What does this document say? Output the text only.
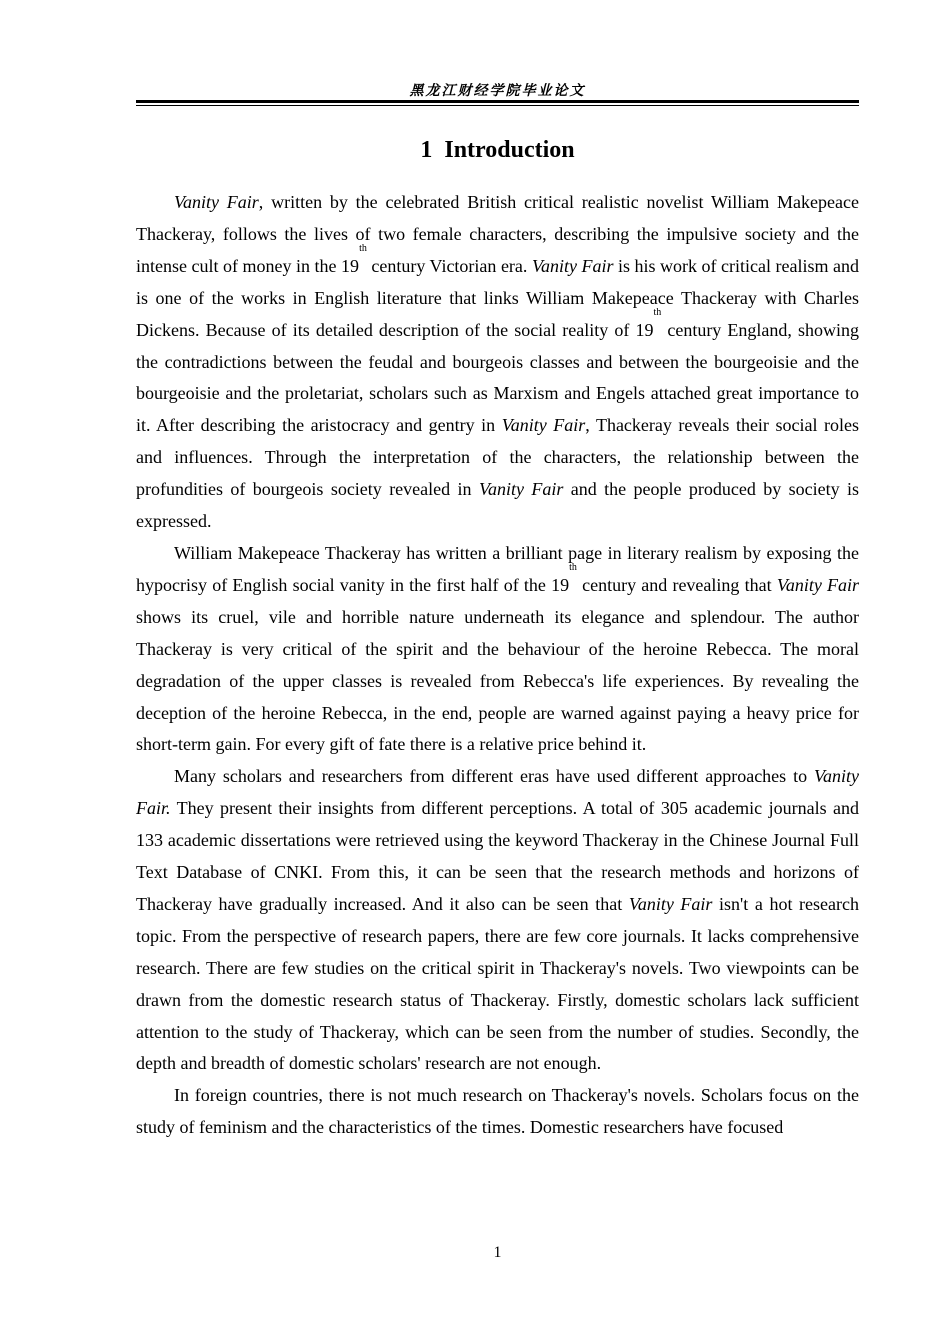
黑龙江财经学院毕业论文
1 Introduction

Vanity Fair, written by the celebrated British critical realistic novelist William Makepeace Thackeray, follows the lives of two female characters, describing the impulsive society and the intense cult of money in the 19th century Victorian era. Vanity Fair is his work of critical realism and is one of the works in English literature that links William Makepeace Thackeray with Charles Dickens. Because of its detailed description of the social reality of 19th century England, showing the contradictions between the feudal and bourgeois classes and between the bourgeoisie and the bourgeoisie and the proletariat, scholars such as Marxism and Engels attached great importance to it. After describing the aristocracy and gentry in Vanity Fair, Thackeray reveals their social roles and influences. Through the interpretation of the characters, the relationship between the profundities of bourgeois society revealed in Vanity Fair and the people produced by society is expressed.

William Makepeace Thackeray has written a brilliant page in literary realism by exposing the hypocrisy of English social vanity in the first half of the 19th century and revealing that Vanity Fair shows its cruel, vile and horrible nature underneath its elegance and splendour. The author Thackeray is very critical of the spirit and the behaviour of the heroine Rebecca. The moral degradation of the upper classes is revealed from Rebecca's life experiences. By revealing the deception of the heroine Rebecca, in the end, people are warned against paying a heavy price for short-term gain. For every gift of fate there is a relative price behind it.

Many scholars and researchers from different eras have used different approaches to Vanity Fair. They present their insights from different perceptions. A total of 305 academic journals and 133 academic dissertations were retrieved using the keyword Thackeray in the Chinese Journal Full Text Database of CNKI. From this, it can be seen that the research methods and horizons of Thackeray have gradually increased. And it also can be seen that Vanity Fair isn't a hot research topic. From the perspective of research papers, there are few core journals. It lacks comprehensive research. There are few studies on the critical spirit in Thackeray's novels. Two viewpoints can be drawn from the domestic research status of Thackeray. Firstly, domestic scholars lack sufficient attention to the study of Thackeray, which can be seen from the number of studies. Secondly, the depth and breadth of domestic scholars' research are not enough.

In foreign countries, there is not much research on Thackeray's novels. Scholars focus on the study of feminism and the characteristics of the times. Domestic researchers have focused

1
